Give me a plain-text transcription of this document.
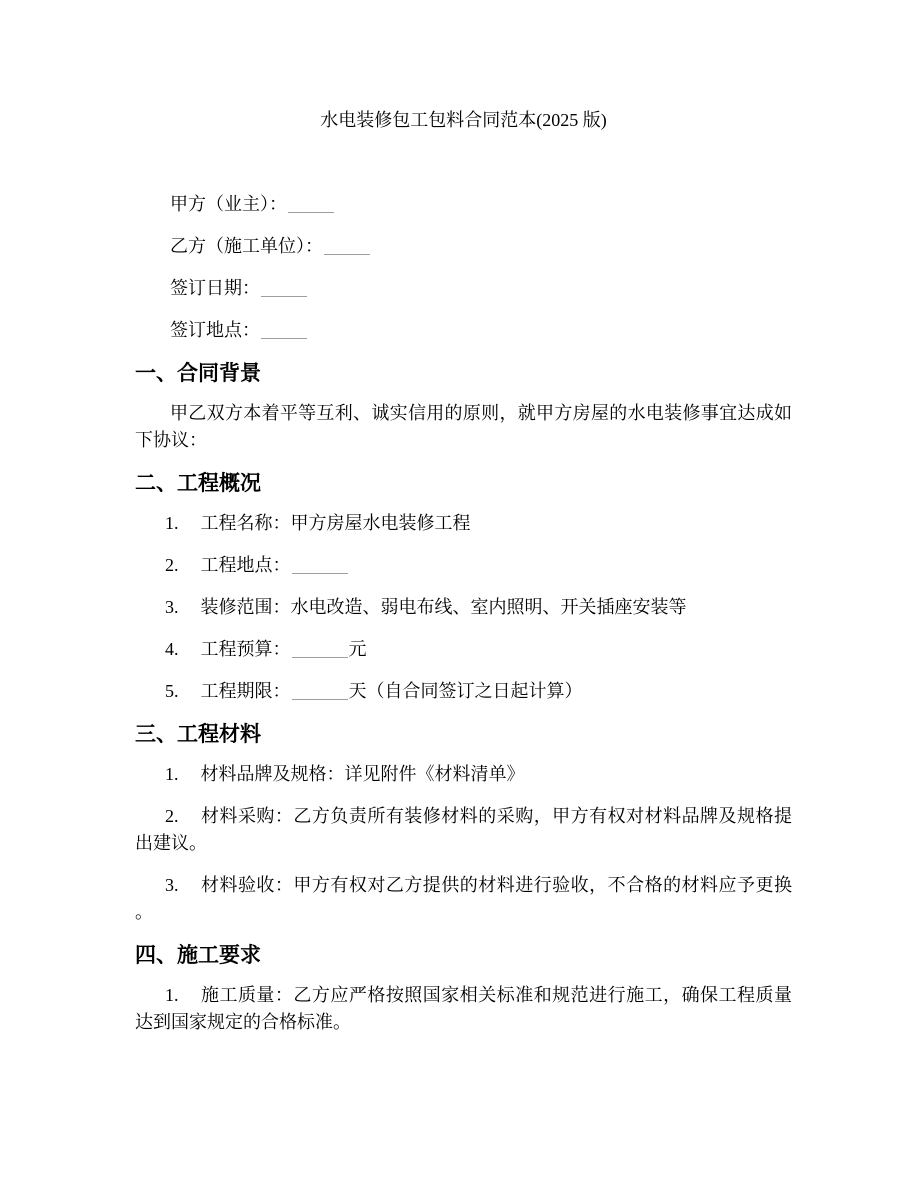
水电装修包工包料合同范本(2025 版)

甲方（业主）：

乙方（施工单位）：

签订日期：

签订地点：

一、合同背景

甲乙双方本着平等互利、诚实信用的原则，就甲方房屋的水电装修事宜达成如下协议：

二、工程概况

1. 工程名称：甲方房屋水电装修工程

2. 工程地点：

3. 装修范围：水电改造、弱电布线、室内照明、开关插座安装等

4. 工程预算：	元

5. 工程期限：	天（自合同签订之日起计算）

三、工程材料

1. 材料品牌及规格：详见附件《材料清单》

2. 材料采购：乙方负责所有装修材料的采购，甲方有权对材料品牌及规格提出建议。

3. 材料验收：甲方有权对乙方提供的材料进行验收，不合格的材料应予更换。

四、施工要求

1. 施工质量：乙方应严格按照国家相关标准和规范进行施工，确保工程质量达到国家规定的合格标准。
